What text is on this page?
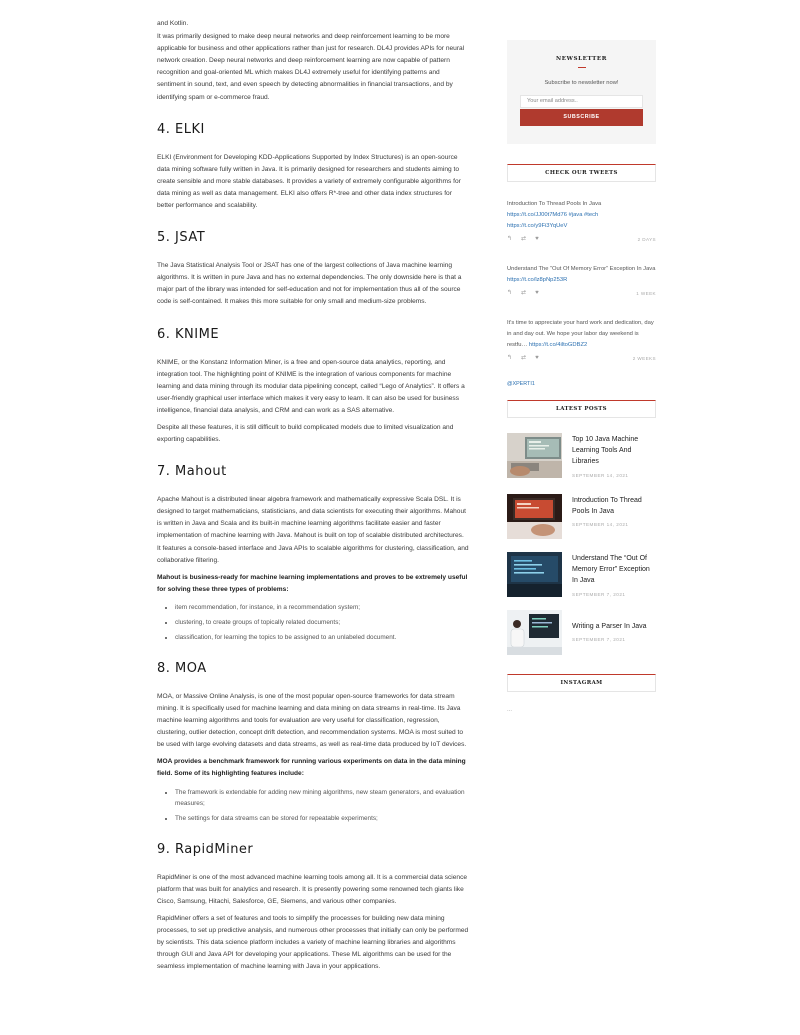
and Kotlin.

It was primarily designed to make deep neural networks and deep reinforcement learning to be more applicable for business and other applications rather than just for research. DL4J provides APIs for neural network creation. Deep neural networks and deep reinforcement learning are now capable of pattern recognition and goal-oriented ML which makes DL4J extremely useful for identifying patterns and sentiment in sound, text, and even speech by detecting abnormalities in financial transactions, and by identifying spam or e-commerce fraud.

4. ELKI

ELKI (Environment for Developing KDD-Applications Supported by Index Structures) is an open-source data mining software fully written in Java. It is primarily designed for researchers and students aiming to create sensible and more stable databases. It provides a variety of extremely configurable algorithms for data mining as well as data management. ELKI also offers R*-tree and other data index structures for better performance and scalability.

5. JSAT

The Java Statistical Analysis Tool or JSAT has one of the largest collections of Java machine learning algorithms. It is written in pure Java and has no external dependencies. The only downside here is that a major part of the library was intended for self-education and not for implementation thus all of the source code is self-contained. It makes this more suitable for only small and medium-size problems.

6. KNIME

KNIME, or the Konstanz Information Miner, is a free and open-source data analytics, reporting, and integration tool. The highlighting point of KNIME is the integration of various components for machine learning and data mining through its modular data pipelining concept, called “Lego of Analytics”. It offers a user-friendly graphical user interface which makes it very easy to learn. It can also be used for business intelligence, financial data analysis, and CRM and can work as a SAS alternative.

Despite all these features, it is still difficult to build complicated models due to limited visualization and exporting capabilities.

7. Mahout

Apache Mahout is a distributed linear algebra framework and mathematically expressive Scala DSL. It is designed to target mathematicians, statisticians, and data scientists for executing their algorithms. Mahout is written in Java and Scala and its built-in machine learning algorithms facilitate easier and faster implementation of machine learning with Java. Mahout is built on top of scalable distributed architectures. It features a console-based interface and Java APIs to scalable algorithms for clustering, classification, and collaborative filtering.

Mahout is business-ready for machine learning implementations and proves to be extremely useful for solving these three types of problems:

• item recommendation, for instance, in a recommendation system;
• clustering, to create groups of topically related documents;
• classification, for learning the topics to be assigned to an unlabeled document.
8. MOA

MOA, or Massive Online Analysis, is one of the most popular open-source frameworks for data stream mining. It is specifically used for machine learning and data mining on data streams in real-time. Its Java machine learning algorithms and tools for evaluation are very useful for classification, regression, clustering, outlier detection, concept drift detection, and recommendation systems. MOA is most suited to be used with large evolving datasets and data streams, as well as real-time data produced by IoT devices.

MOA provides a benchmark framework for running various experiments on data in the data mining field. Some of its highlighting features include:

• The framework is extendable for adding new mining algorithms, new steam generators, and evaluation measures;
• The settings for data streams can be stored for repeatable experiments;
9. RapidMiner

RapidMiner is one of the most advanced machine learning tools among all. It is a commercial data science platform that was built for analytics and research. It is presently powering some renowned tech giants like Cisco, Samsung, Hitachi, Salesforce, GE, Siemens, and various other companies.

RapidMiner offers a set of features and tools to simplify the processes for building new data mining processes, to set up predictive analysis, and numerous other processes that initially can only be performed by scientists. This data science platform includes a variety of machine learning libraries and algorithms through GUI and Java API for developing your applications. These ML algorithms can be used for the seamless implementation of machine learning with Java in your applications.

NEWSLETTER
Subscribe to newsletter now!
Your email address..
SUBSCRIBE
CHECK OUR TWEETS
Introduction To Thread Pools In Java
https://t.co/JJ00t7Md76 #java #tech
https://t.co/y9Fi3YqUeV
↰ ⇄ ♥	2 DAYS
Understand The “Out Of Memory Error” Exception In Java https://t.co/lz8pNp253R
↰ ⇄ ♥	1 WEEK
It's time to appreciate your hard work and dedication, day in and day out. We hope your labor day weekend is restfu… https://t.co/4iltoGDBZ2
↰ ⇄ ♥	2 WEEKS
@XPERTI1
LATEST POSTS
Top 10 Java Machine Learning Tools And Libraries
SEPTEMBER 14, 2021
Introduction To Thread Pools In Java
SEPTEMBER 14, 2021
Understand The “Out Of Memory Error” Exception In Java
SEPTEMBER 7, 2021
Writing a Parser In Java
SEPTEMBER 7, 2021
INSTAGRAM
...
